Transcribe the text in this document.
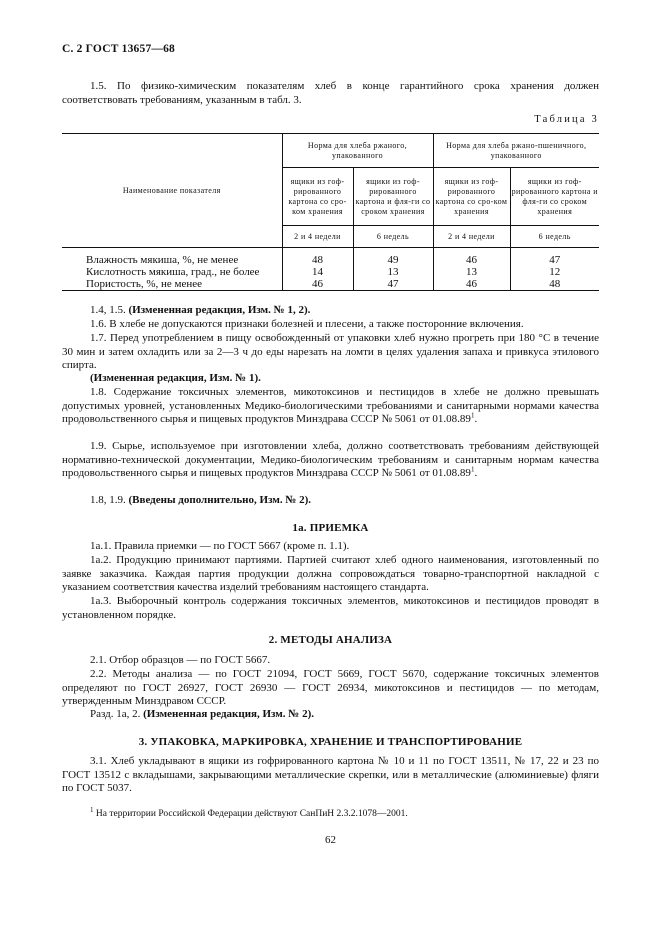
С. 2 ГОСТ 13657—68

1.5. По физико-химическим показателям хлеб в конце гарантийного срока хранения должен соответствовать требованиям, указанным в табл. 3.

Таблица 3
Наименование показателя	Норма для хлеба ржаного, упакованного		Норма для хлеба ржано-пшеничного, упакованного	
	ящики из гоф-рированного картона со сро-ком хранения	ящики из гоф-рированного картона и фля-ги со сроком хранения	ящики из гоф-рированного картона со сро-ком хранения	ящики из гоф-рированного картона и фля-ги со сроком хранения
	2 и 4 недели	6 недель	2 и 4 недели	6 недель

Влажность мякиша, %, не менее	48	49	46	47
Кислотность мякиша, град., не более	14	13	13	12
Пористость, %, не менее	46	47	46	48

1.4, 1.5. (Измененная редакция, Изм. № 1, 2).

1.6. В хлебе не допускаются признаки болезней и плесени, а также посторонние включения.

1.7. Перед употреблением в пищу освобожденный от упаковки хлеб нужно прогреть при 180 °С в течение 30 мин и затем охладить или за 2—3 ч до еды нарезать на ломти в целях удаления запаха и привкуса этилового спирта.

(Измененная редакция, Изм. № 1).

1.8. Содержание токсичных элементов, микотоксинов и пестицидов в хлебе не должно превышать допустимых уровней, установленных Медико-биологическими требованиями и санитарными нормами качества продовольственного сырья и пищевых продуктов Минздрава СССР № 5061 от 01.08.89$^1$.

1.9. Сырье, используемое при изготовлении хлеба, должно соответствовать требованиям действующей нормативно-технической документации, Медико-биологическим требованиям и санитарным нормам качества продовольственного сырья и пищевых продуктов Минздрава СССР № 5061 от 01.08.89$^1$.

1.8, 1.9. (Введены дополнительно, Изм. № 2).

1а. ПРИЕМКА

1а.1. Правила приемки — по ГОСТ 5667 (кроме п. 1.1).

1а.2. Продукцию принимают партиями. Партией считают хлеб одного наименования, изготовленный по заявке заказчика. Каждая партия продукции должна сопровождаться товарно-транспортной накладной с указанием соответствия качества изделий требованиям настоящего стандарта.

1а.3. Выборочный контроль содержания токсичных элементов, микотоксинов и пестицидов проводят в установленном порядке.

2. МЕТОДЫ АНАЛИЗА

2.1. Отбор образцов — по ГОСТ 5667.

2.2. Методы анализа — по ГОСТ 21094, ГОСТ 5669, ГОСТ 5670, содержание токсичных элементов определяют по ГОСТ 26927, ГОСТ 26930 — ГОСТ 26934, микотоксинов и пестицидов — по методам, утвержденным Минздравом СССР.

Разд. 1а, 2. (Измененная редакция, Изм. № 2).

3. УПАКОВКА, МАРКИРОВКА, ХРАНЕНИЕ И ТРАНСПОРТИРОВАНИЕ

3.1. Хлеб укладывают в ящики из гофрированного картона № 10 и 11 по ГОСТ 13511, № 17, 22 и 23 по ГОСТ 13512 с вкладышами, закрывающими металлические скрепки, или в металлические (алюминиевые) фляги по ГОСТ 5037.

$^1$ На территории Российской Федерации действуют СанПиН 2.3.2.1078—2001.
62
